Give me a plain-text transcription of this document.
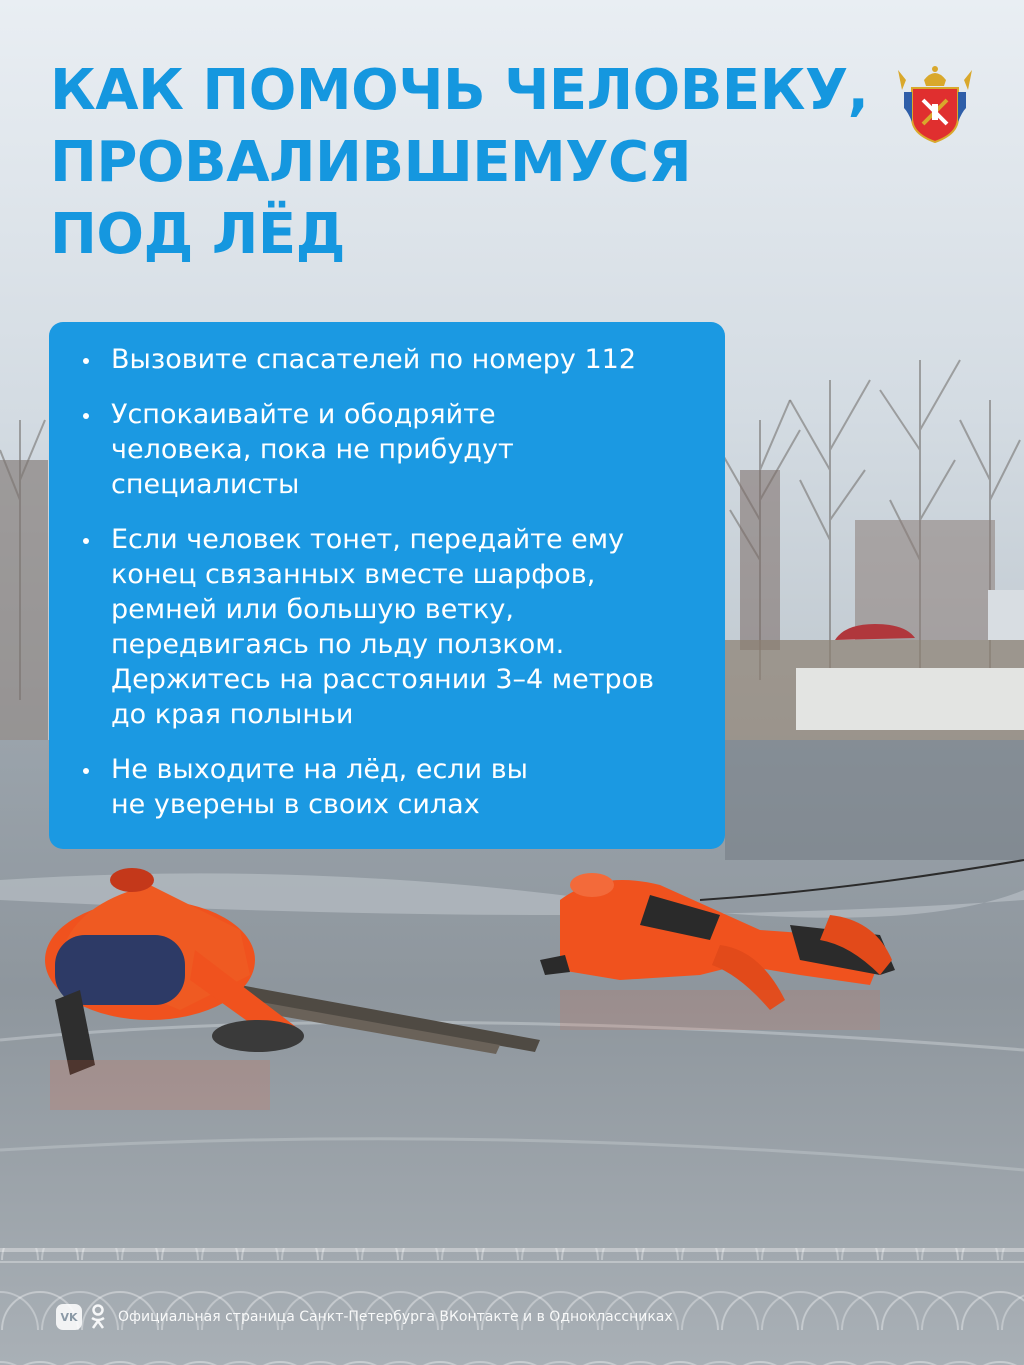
КАК ПОМОЧЬ ЧЕЛОВЕКУ,
ПРОВАЛИВШЕМУСЯ
ПОД ЛЁД
Вызовите спасателей по номеру 112
Успокаивайте и ободряйте человека, пока не прибудут специалисты
Если человек тонет, передайте ему конец связанных вместе шарфов, ремней или большую ветку, передвигаясь по льду ползком. Держитесь на расстоянии 3–4 метров до края полыньи
Не выходите на лёд, если вы не уверены в своих силах
VK	Официальная страница Санкт-Петербурга ВКонтакте и в Одноклассниках
